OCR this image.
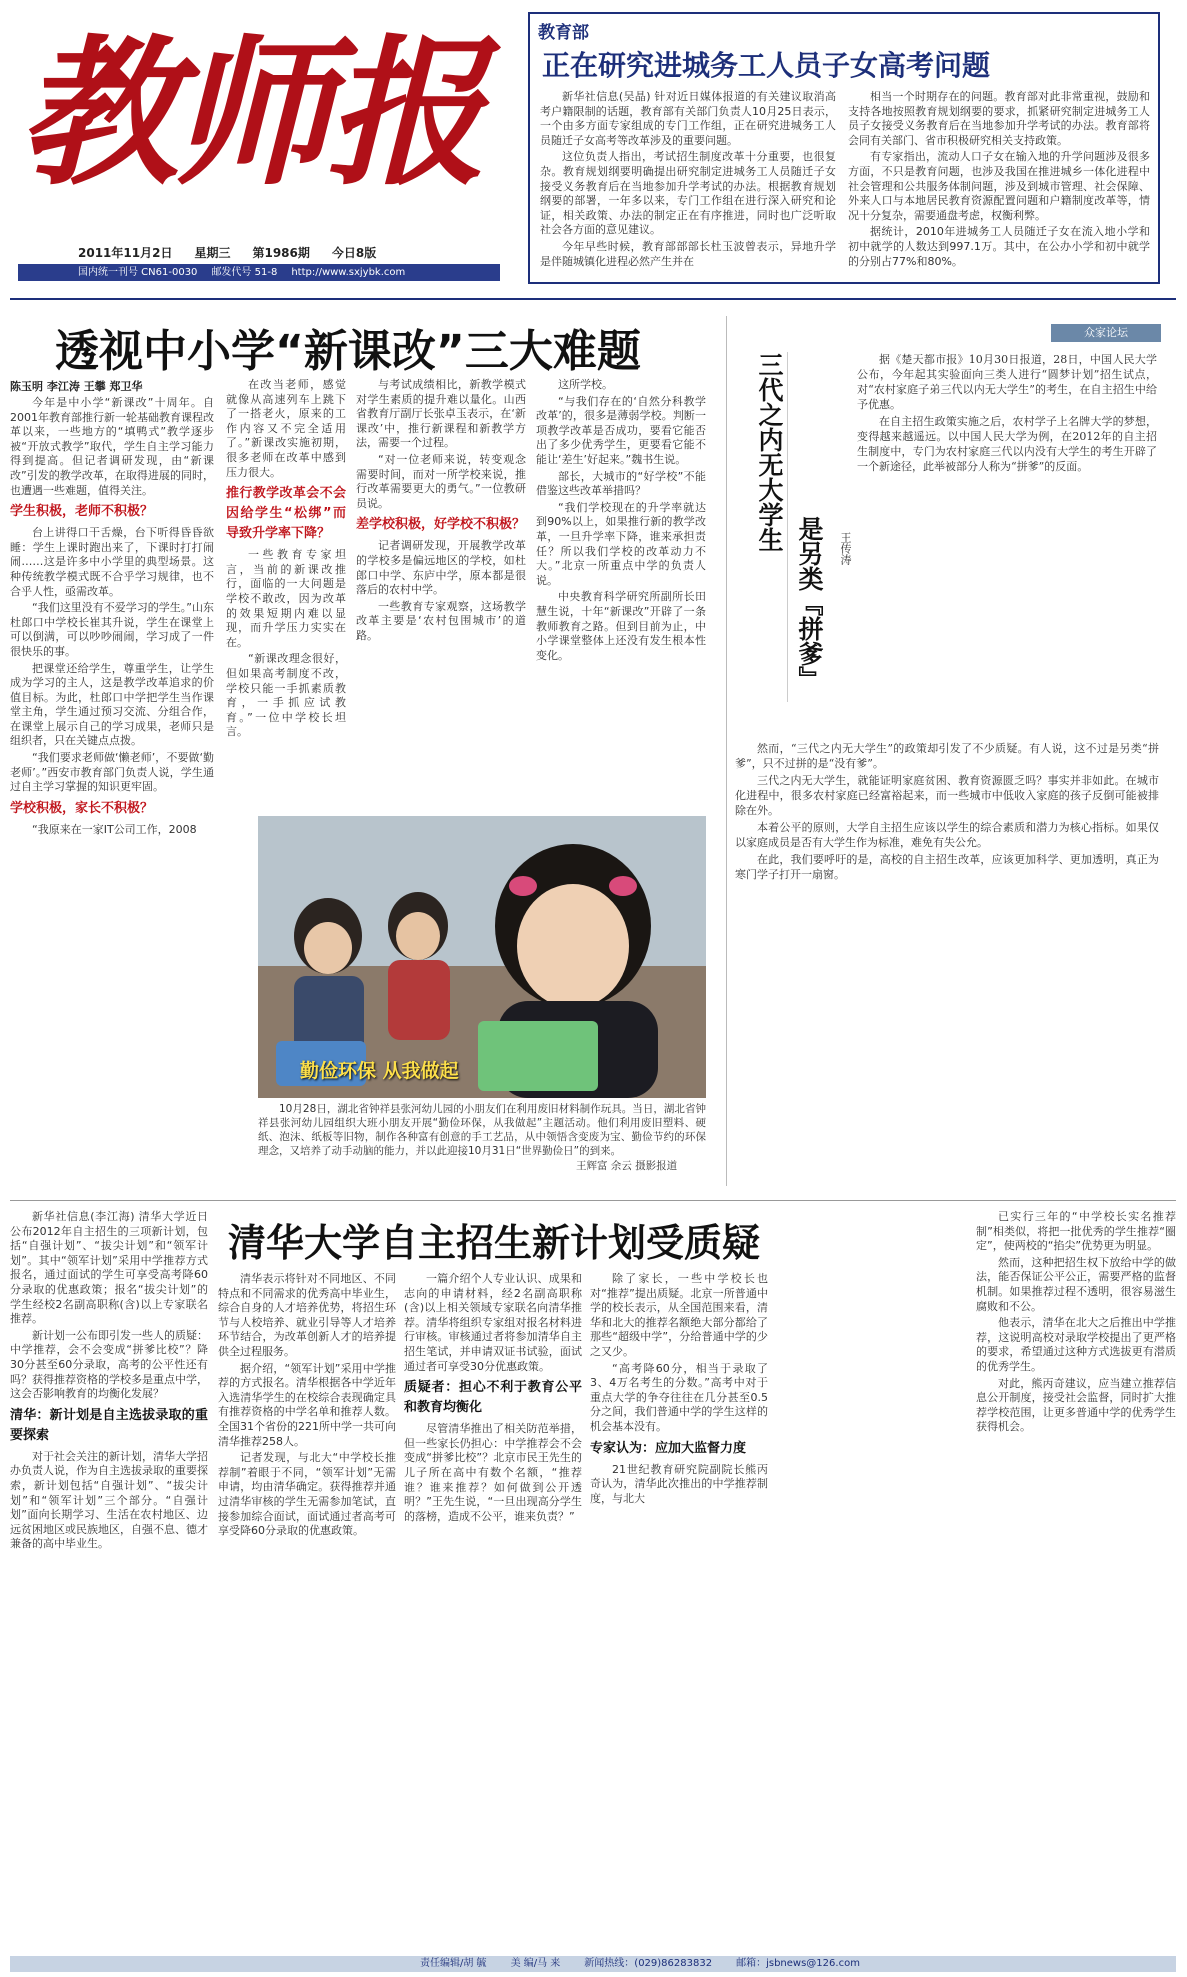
教师报
2011年11月2日 星期三 第1986期 今日8版
国内统一刊号 CN61-0030 邮发代号 51-8 http://www.sxjybk.com
教育部
正在研究进城务工人员子女高考问题

新华社信息(吴晶) 针对近日媒体报道的有关建议取消高考户籍限制的话题，教育部有关部门负责人10月25日表示，一个由多方面专家组成的专门工作组，正在研究进城务工人员随迁子女高考等改革涉及的重要问题。

这位负责人指出，考试招生制度改革十分重要，也很复杂。教育规划纲要明确提出研究制定进城务工人员随迁子女接受义务教育后在当地参加升学考试的办法。根据教育规划纲要的部署，一年多以来，专门工作组在进行深入研究和论证，相关政策、办法的制定正在有序推进，同时也广泛听取社会各方面的意见建议。

今年早些时候，教育部部部长杜玉波曾表示，异地升学是伴随城镇化进程必然产生并在

相当一个时期存在的问题。教育部对此非常重视，鼓励和支持各地按照教育规划纲要的要求，抓紧研究制定进城务工人员子女接受义务教育后在当地参加升学考试的办法。教育部将会同有关部门、省市积极研究相关支持政策。

有专家指出，流动人口子女在输入地的升学问题涉及很多方面，不只是教育问题，也涉及我国在推进城乡一体化进程中社会管理和公共服务体制问题，涉及到城市管理、社会保障、外来人口与本地居民教育资源配置问题和户籍制度改革等，情况十分复杂，需要通盘考虑，权衡利弊。

据统计，2010年进城务工人员随迁子女在流入地小学和初中就学的人数达到997.1万。其中，在公办小学和初中就学的分别占77%和80%。

透视中小学“新课改”三大难题
陈玉明 李江涛 王攀 郑卫华

今年是中小学“新课改”十周年。自2001年教育部推行新一轮基础教育课程改革以来，一些地方的“填鸭式”教学逐步被“开放式教学”取代，学生自主学习能力得到提高。但记者调研发现，由“新课改”引发的教学改革，在取得进展的同时，也遭遇一些难题，值得关注。

学生积极，老师不积极？

台上讲得口干舌燥，台下听得昏昏欲睡：学生上课时跑出来了，下课时打打闹闹……这是许多中小学里的典型场景。这种传统教学模式既不合乎学习规律，也不合乎人性，亟需改革。

“我们这里没有不爱学习的学生。”山东杜郎口中学校长崔其升说，学生在课堂上可以倒满，可以吵吵闹闹，学习成了一件很快乐的事。

把课堂还给学生，尊重学生，让学生成为学习的主人，这是教学改革追求的价值目标。为此，杜郎口中学把学生当作课堂主角，学生通过预习交流、分组合作，在课堂上展示自己的学习成果，老师只是组织者，只在关键点点拨。

“我们要求老师做‘懒老师’，不要做‘勤老师’。”西安市教育部门负责人说，学生通过自主学习掌握的知识更牢固。

学校积极，家长不积极？

“我原来在一家IT公司工作，2008

在改当老师，感觉就像从高速列车上跳下了一搭老火，原来的工作内容又不完全适用了。”新课改实施初期，很多老师在改革中感到压力很大。

推行教学改革会不会因给学生“松绑”而导致升学率下降？

一些教育专家坦言，当前的新课改推行，面临的一大问题是学校不敢改，因为改革的效果短期内难以显现，而升学压力实实在在。

“新课改理念很好，但如果高考制度不改，学校只能一手抓素质教育，一手抓应试教育。”一位中学校长坦言。

与考试成绩相比，新教学模式对学生素质的提升难以量化。山西省教育厅副厅长张卓玉表示，在‘新课改’中，推行新课程和新教学方法，需要一个过程。

“对一位老师来说，转变观念需要时间，而对一所学校来说，推行改革需要更大的勇气。”一位教研员说。

差学校积极，好学校不积极？

记者调研发现，开展教学改革的学校多是偏远地区的学校，如杜郎口中学、东庐中学，原本都是很落后的农村中学。

一些教育专家观察，这场教学改革主要是‘农村包围城市’的道路。

这所学校。

“与我们存在的‘自然分科教学改革’的，很多是薄弱学校。判断一项教学改革是否成功，要看它能否出了多少优秀学生，更要看它能不能让‘差生’好起来。”魏书生说。

部长，大城市的“好学校”不能借鉴这些改革举措吗？

“我们学校现在的升学率就达到90%以上，如果推行新的教学改革，一旦升学率下降，谁来承担责任？所以我们学校的改革动力不大。”北京一所重点中学的负责人说。

中央教育科学研究所副所长田慧生说，十年“新课改”开辟了一条教师教育之路。但到目前为止，中小学课堂整体上还没有发生根本性变化。

勤俭环保 从我做起

10月28日，湖北省钟祥县张河幼儿园的小朋友们在利用废旧材料制作玩具。当日，湖北省钟祥县张河幼儿园组织大班小朋友开展“勤俭环保，从我做起”主题活动。他们利用废旧塑料、硬纸、泡沫、纸板等旧物，制作各种富有创意的手工艺品，从中领悟含变废为宝、勤俭节约的环保理念，又培养了动手动脑的能力，并以此迎接10月31日“世界勤俭日”的到来。

王辉富 余云 摄影报道
众家论坛
三代之内无大学生
是另类『拼爹』 王传涛

据《楚天都市报》10月30日报道，28日，中国人民大学公布，今年起其实验面向三类人进行“圆梦计划”招生试点，对“农村家庭子弟三代以内无大学生”的考生，在自主招生中给予优惠。

在自主招生政策实施之后，农村学子上名牌大学的梦想，变得越来越遥远。以中国人民大学为例，在2012年的自主招生制度中，专门为农村家庭三代以内没有大学生的考生开辟了一个新途径，此举被部分人称为“拼爹”的反面。

然而，“三代之内无大学生”的政策却引发了不少质疑。有人说，这不过是另类“拼爹”，只不过拼的是“没有爹”。

三代之内无大学生，就能证明家庭贫困、教育资源匮乏吗？事实并非如此。在城市化进程中，很多农村家庭已经富裕起来，而一些城市中低收入家庭的孩子反倒可能被排除在外。

本着公平的原则，大学自主招生应该以学生的综合素质和潜力为核心指标。如果仅以家庭成员是否有大学生作为标准，难免有失公允。

在此，我们要呼吁的是，高校的自主招生改革，应该更加科学、更加透明，真正为寒门学子打开一扇窗。

清华大学自主招生新计划受质疑

新华社信息(李江海) 清华大学近日公布2012年自主招生的三项新计划，包括“自强计划”、“拔尖计划”和“领军计划”。其中“领军计划”采用中学推荐方式报名，通过面试的学生可享受高考降60分录取的优惠政策；报名“拔尖计划”的学生经校2名副高职称(含)以上专家联名推荐。

新计划一公布即引发一些人的质疑：中学推荐，会不会变成“拼爹比校”？降30分甚至60分录取，高考的公平性还有吗？获得推荐资格的学校多是重点中学，这会否影响教育的均衡化发展？

清华：新计划是自主选拔录取的重要探索

对于社会关注的新计划，清华大学招办负责人说，作为自主选拔录取的重要探索，新计划包括“自强计划”、“拔尖计划”和“领军计划”三个部分。“自强计划”面向长期学习、生活在农村地区、边远贫困地区或民族地区，自强不息、德才兼备的高中毕业生。

清华表示将针对不同地区、不同特点和不同需求的优秀高中毕业生，综合自身的人才培养优势，将招生环节与人校培养、就业引导等人才培养环节结合，为改革创新人才的培养提供全过程服务。

据介绍，“领军计划”采用中学推荐的方式报名。清华根据各中学近年入选清华学生的在校综合表现确定具有推荐资格的中学名单和推荐人数。全国31个省份的221所中学一共可向清华推荐258人。

记者发现，与北大“中学校长推荐制”着眼于不同，“领军计划”无需申请，均由清华确定。获得推荐并通过清华审核的学生无需参加笔试，直接参加综合面试，面试通过者高考可享受降60分录取的优惠政策。

一篇介绍个人专业认识、成果和志向的申请材料，经2名副高职称(含)以上相关领域专家联名向清华推荐。清华将组织专家组对报名材料进行审核。审核通过者将参加清华自主招生笔试，并申请双证书试验，面试通过者可享受30分优惠政策。

质疑者：担心不利于教育公平和教育均衡化

尽管清华推出了相关防范举措，但一些家长仍担心：中学推荐会不会变成“拼爹比校”？北京市民王先生的儿子所在高中有数个名额，“推荐谁？谁来推荐？如何做到公开透明？”王先生说，“一旦出现高分学生的落榜，造成不公平，谁来负责？”

除了家长，一些中学校长也对“推荐”提出质疑。北京一所普通中学的校长表示，从全国范围来看，清华和北大的推荐名额绝大部分都给了那些“超级中学”，分给普通中学的少之又少。

“高考降60分，相当于录取了3、4万名考生的分数。”高考中对于重点大学的争夺往往在几分甚至0.5分之间，我们普通中学的学生这样的机会基本没有。

专家认为：应加大监督力度

21世纪教育研究院副院长熊丙奇认为，清华此次推出的中学推荐制度，与北大

已实行三年的“中学校长实名推荐制”相类似，将把一批优秀的学生推荐“圈定”，使两校的“掐尖”优势更为明显。

然而，这种把招生权下放给中学的做法，能否保证公平公正，需要严格的监督机制。如果推荐过程不透明，很容易滋生腐败和不公。

他表示，清华在北大之后推出中学推荐，这说明高校对录取学校提出了更严格的要求，希望通过这种方式选拔更有潜质的优秀学生。

对此，熊丙奇建议，应当建立推荐信息公开制度，接受社会监督，同时扩大推荐学校范围，让更多普通中学的优秀学生获得机会。

责任编辑/胡 毓 美 编/马 来 新闻热线：(029)86283832 邮箱：jsbnews@126.com
